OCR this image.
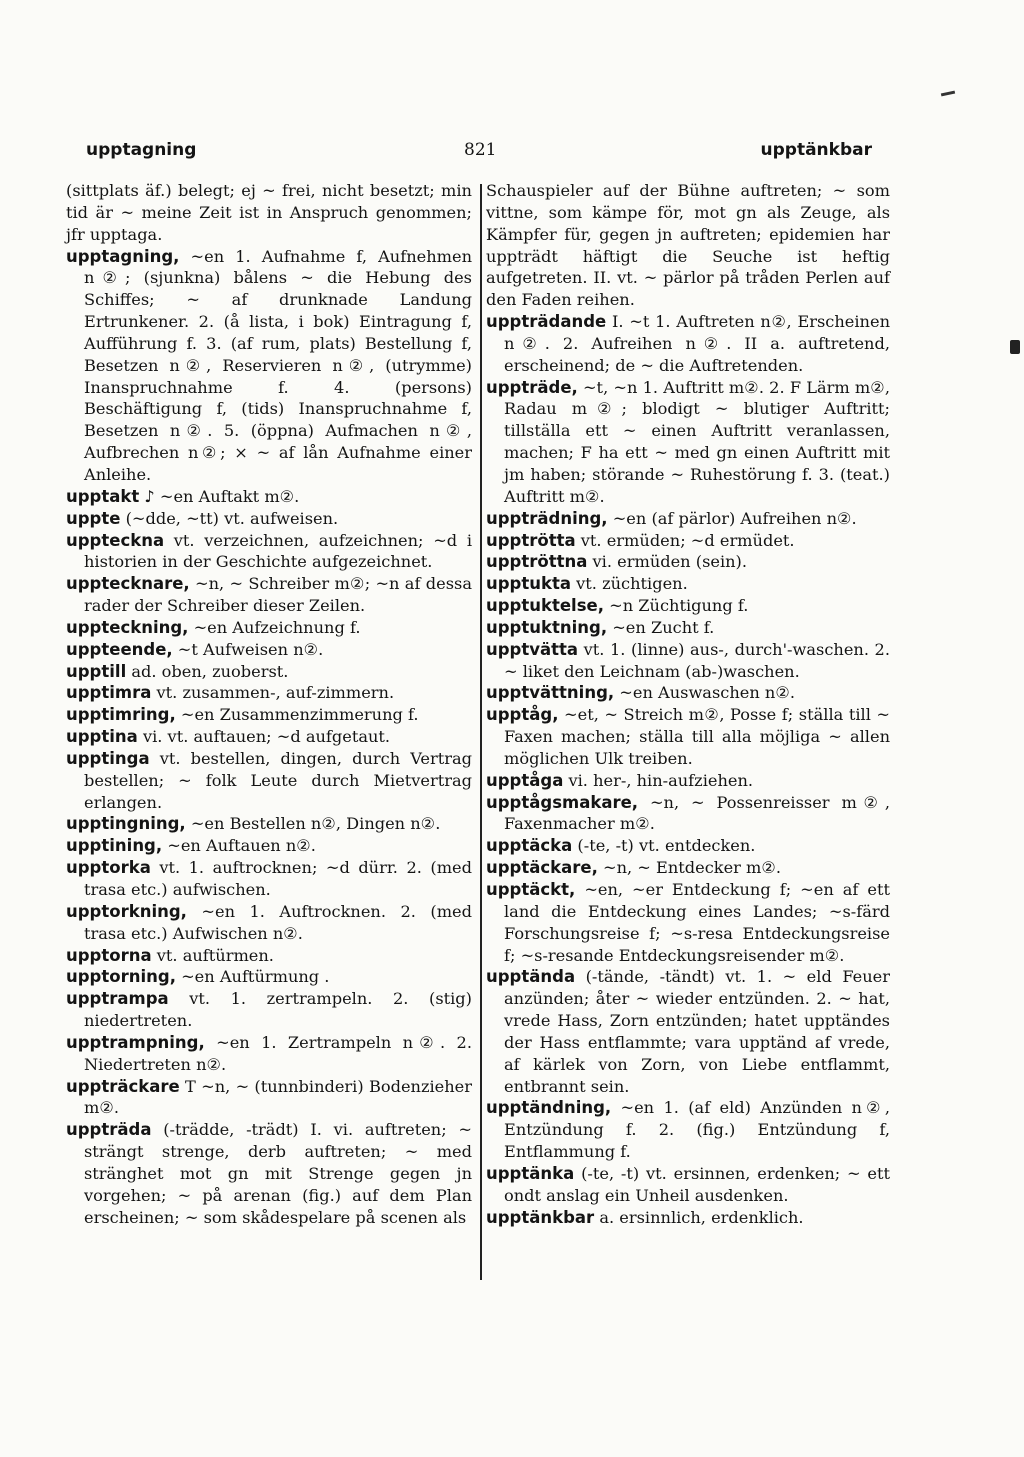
upptagning	821	upptänkbar
(sittplats äf.) belegt; ej ~ frei, nicht besetzt; min tid är ~ meine Zeit ist in Anspruch genommen; jfr upptaga.
upptagning, ~en 1. Aufnahme f, Aufnehmen n②; (sjunkna) bålens ~ die Hebung des Schiffes; ~ af drunknade Landung Ertrunkener. 2. (å lista, i bok) Eintragung f, Aufführung f. 3. (af rum, plats) Bestellung f, Besetzen n②, Reservieren n②, (utrymme) Inanspruchnahme f. 4. (persons) Beschäftigung f, (tids) Inanspruchnahme f, Besetzen n②. 5. (öppna) Aufmachen n②, Aufbrechen n②; × ~ af lån Aufnahme einer Anleihe.
upptakt ♪ ~en Auftakt m②.
uppte (~dde, ~tt) vt. aufweisen.
uppteckna vt. verzeichnen, aufzeichnen; ~d i historien in der Geschichte aufgezeichnet.
upptecknare, ~n, ~ Schreiber m②; ~n af dessa rader der Schreiber dieser Zeilen.
uppteckning, ~en Aufzeichnung f.
uppteende, ~t Aufweisen n②.
upptill ad. oben, zuoberst.
upptimra vt. zusammen-, auf-zimmern.
upptimring, ~en Zusammenzimmerung f.
upptina vi. vt. auftauen; ~d aufgetaut.
upptinga vt. bestellen, dingen, durch Vertrag bestellen; ~ folk Leute durch Mietvertrag erlangen.
upptingning, ~en Bestellen n②, Dingen n②.
upptining, ~en Auftauen n②.
upptorka vt. 1. auftrocknen; ~d dürr. 2. (med trasa etc.) aufwischen.
upptorkning, ~en 1. Auftrocknen. 2. (med trasa etc.) Aufwischen n②.
upptorna vt. auftürmen.
upptorning, ~en Auftürmung .
upptrampa vt. 1. zertrampeln. 2. (stig) niedertreten.
upptrampning, ~en 1. Zertrampeln n②. 2. Niedertreten n②.
uppträckare T ~n, ~ (tunnbinderi) Bodenzieher m②.
uppträda (-trädde, -trädt) I. vi. auftreten; ~ strängt strenge, derb auftreten; ~ med stränghet mot gn mit Strenge gegen jn vorgehen; ~ på arenan (fig.) auf dem Plan erscheinen; ~ som skådespelare på scenen als
Schauspieler auf der Bühne auftreten; ~ som vittne, som kämpe för, mot gn als Zeuge, als Kämpfer für, gegen jn auftreten; epidemien har uppträdt häftigt die Seuche ist heftig aufgetreten. II. vt. ~ pärlor på tråden Perlen auf den Faden reihen.
uppträdande I. ~t 1. Auftreten n②, Erscheinen n②. 2. Aufreihen n②. II a. auftretend, erscheinend; de ~ die Auftretenden.
uppträde, ~t, ~n 1. Auftritt m②. 2. F Lärm m②, Radau m②; blodigt ~ blutiger Auftritt; tillställa ett ~ einen Auftritt veranlassen, machen; F ha ett ~ med gn einen Auftritt mit jm haben; störande ~ Ruhestörung f. 3. (teat.) Auftritt m②.
uppträdning, ~en (af pärlor) Aufreihen n②.
upptrötta vt. ermüden; ~d ermüdet.
upptröttna vi. ermüden (sein).
upptukta vt. züchtigen.
upptuktelse, ~n Züchtigung f.
upptuktning, ~en Zucht f.
upptvätta vt. 1. (linne) aus-, durch'-waschen. 2. ~ liket den Leichnam (ab-)waschen.
upptvättning, ~en Auswaschen n②.
upptåg, ~et, ~ Streich m②, Posse f; ställa till ~ Faxen machen; ställa till alla möjliga ~ allen möglichen Ulk treiben.
upptåga vi. her-, hin-aufziehen.
upptågsmakare, ~n, ~ Possenreisser m②, Faxenmacher m②.
upptäcka (-te, -t) vt. entdecken.
upptäckare, ~n, ~ Entdecker m②.
upptäckt, ~en, ~er Entdeckung f; ~en af ett land die Entdeckung eines Landes; ~s-färd Forschungsreise f; ~s-resa Entdeckungsreise f; ~s-resande Entdeckungsreisender m②.
upptända (-tände, -tändt) vt. 1. ~ eld Feuer anzünden; åter ~ wieder entzünden. 2. ~ hat, vrede Hass, Zorn entzünden; hatet upptändes der Hass entflammte; vara upptänd af vrede, af kärlek von Zorn, von Liebe entflammt, entbrannt sein.
upptändning, ~en 1. (af eld) Anzünden n②, Entzündung f. 2. (fig.) Entzündung f, Entflammung f.
upptänka (-te, -t) vt. ersinnen, erdenken; ~ ett ondt anslag ein Unheil ausdenken.
upptänkbar a. ersinnlich, erdenklich.
